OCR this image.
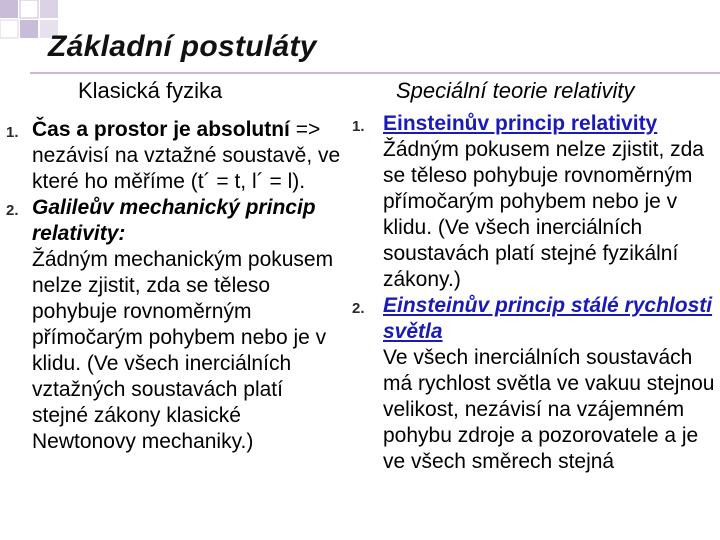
Základní postuláty
Klasická fyzika	Speciální teorie relativity
1. Čas a prostor je absolutní => nezávisí na vztažné soustavě, ve které ho měříme (t´ = t, l´ = l).
2. Galileův mechanický princip relativity:
Žádným mechanickým pokusem nelze zjistit, zda se těleso pohybuje rovnoměrným přímočarým pohybem nebo je v klidu. (Ve všech inerciálních vztažných soustavách platí stejné zákony klasické Newtonovy mechaniky.)
1. Einsteinův princip relativity
Žádným pokusem nelze zjistit, zda se těleso pohybuje rovnoměrným přímočarým pohybem nebo je v klidu. (Ve všech inerciálních soustavách platí stejné fyzikální zákony.)
2. Einsteinův princip stálé rychlosti světla
Ve všech inerciálních soustavách má rychlost světla ve vakuu stejnou velikost, nezávisí na vzájemném pohybu zdroje a pozorovatele a je ve všech směrech stejná
